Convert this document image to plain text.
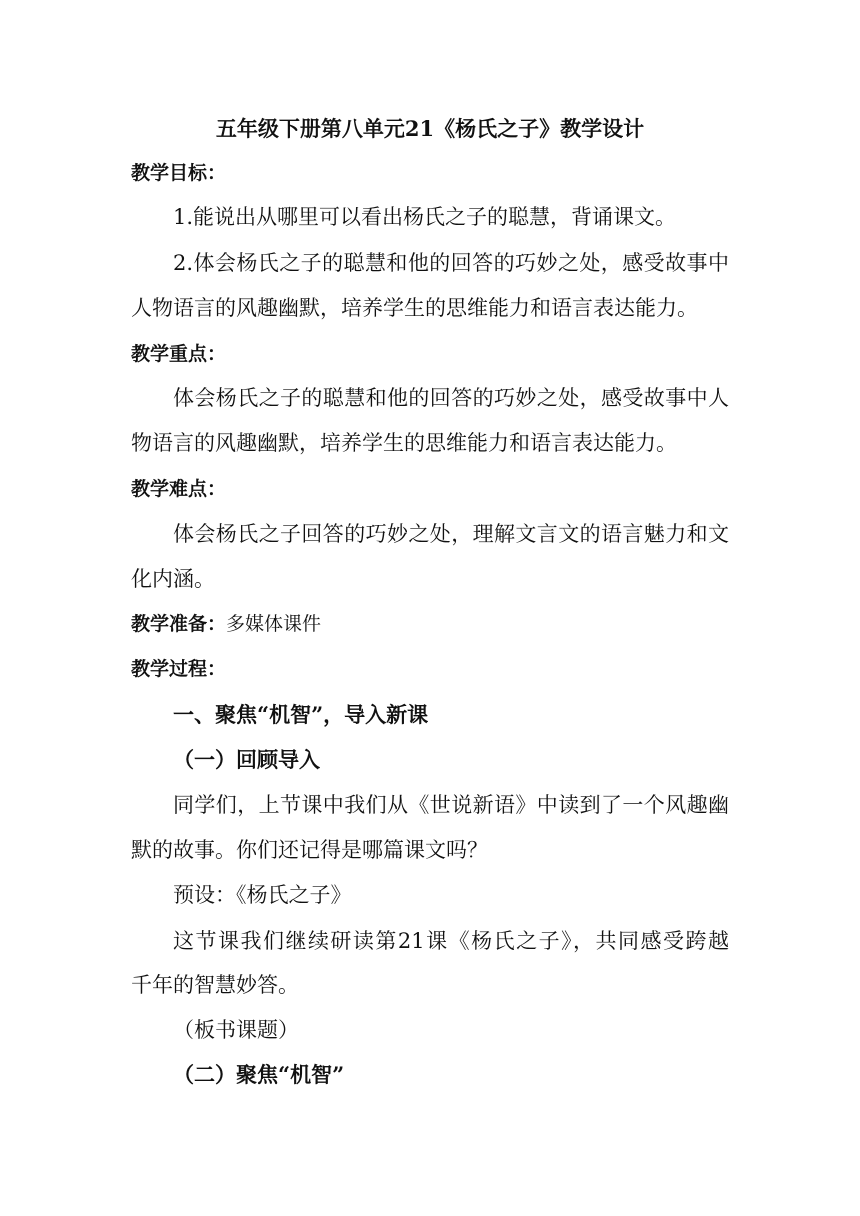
五年级下册第八单元21《杨氏之子》教学设计
教学目标：
1.能说出从哪里可以看出杨氏之子的聪慧，背诵课文。
2.体会杨氏之子的聪慧和他的回答的巧妙之处，感受故事中
人物语言的风趣幽默，培养学生的思维能力和语言表达能力。
教学重点：
体会杨氏之子的聪慧和他的回答的巧妙之处，感受故事中人
物语言的风趣幽默，培养学生的思维能力和语言表达能力。
教学难点：
体会杨氏之子回答的巧妙之处，理解文言文的语言魅力和文
化内涵。
教学准备：多媒体课件
教学过程：
一、聚焦“机智”，导入新课
（一）回顾导入
同学们，上节课中我们从《世说新语》中读到了一个风趣幽
默的故事。你们还记得是哪篇课文吗？
预设：《杨氏之子》
这节课我们继续研读第21课《杨氏之子》，共同感受跨越
千年的智慧妙答。
（板书课题）
（二）聚焦“机智”
